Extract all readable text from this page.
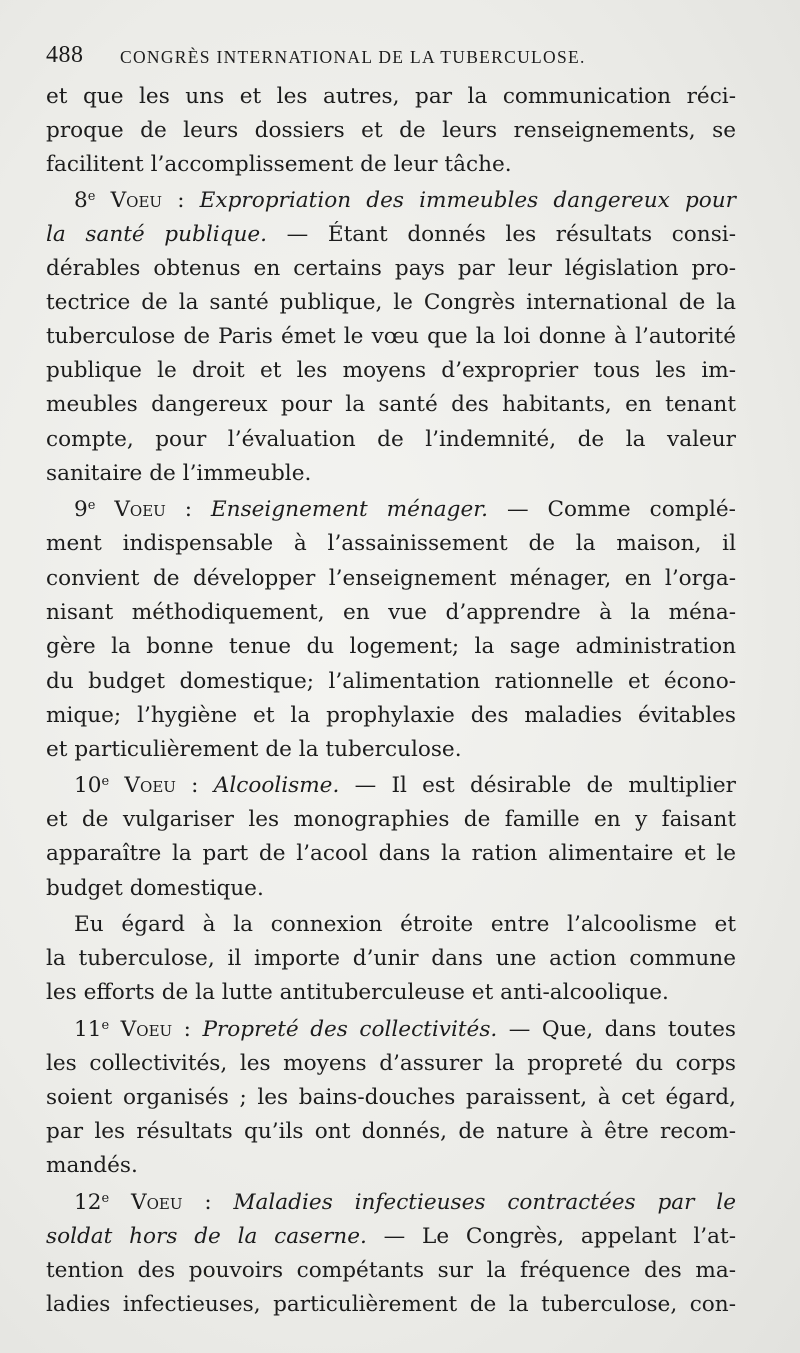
488 CONGRÈS INTERNATIONAL DE LA TUBERCULOSE.
et que les uns et les autres, par la communication réci-
proque de leurs dossiers et de leurs renseignements, se
facilitent l’accomplissement de leur tâche.
8e Voeu : Expropriation des immeubles dangereux pour
la santé publique. — Étant donnés les résultats consi-
dérables obtenus en certains pays par leur législation pro-
tectrice de la santé publique, le Congrès international de la
tuberculose de Paris émet le vœu que la loi donne à l’autorité
publique le droit et les moyens d’exproprier tous les im-
meubles dangereux pour la santé des habitants, en tenant
compte, pour l’évaluation de l’indemnité, de la valeur
sanitaire de l’immeuble.
9e Voeu : Enseignement ménager. — Comme complé-
ment indispensable à l’assainissement de la maison, il
convient de développer l’enseignement ménager, en l’orga-
nisant méthodiquement, en vue d’apprendre à la ména-
gère la bonne tenue du logement; la sage administration
du budget domestique; l’alimentation rationnelle et écono-
mique; l’hygiène et la prophylaxie des maladies évitables
et particulièrement de la tuberculose.
10e Voeu : Alcoolisme. — Il est désirable de multiplier
et de vulgariser les monographies de famille en y faisant
apparaître la part de l’acool dans la ration alimentaire et le
budget domestique.
Eu égard à la connexion étroite entre l’alcoolisme et
la tuberculose, il importe d’unir dans une action commune
les efforts de la lutte antituberculeuse et anti-alcoolique.
11e Voeu : Propreté des collectivités. — Que, dans toutes
les collectivités, les moyens d’assurer la propreté du corps
soient organisés ; les bains-douches paraissent, à cet égard,
par les résultats qu’ils ont donnés, de nature à être recom-
mandés.
12e Voeu : Maladies infectieuses contractées par le
soldat hors de la caserne. — Le Congrès, appelant l’at-
tention des pouvoirs compétants sur la fréquence des ma-
ladies infectieuses, particulièrement de la tuberculose, con-
